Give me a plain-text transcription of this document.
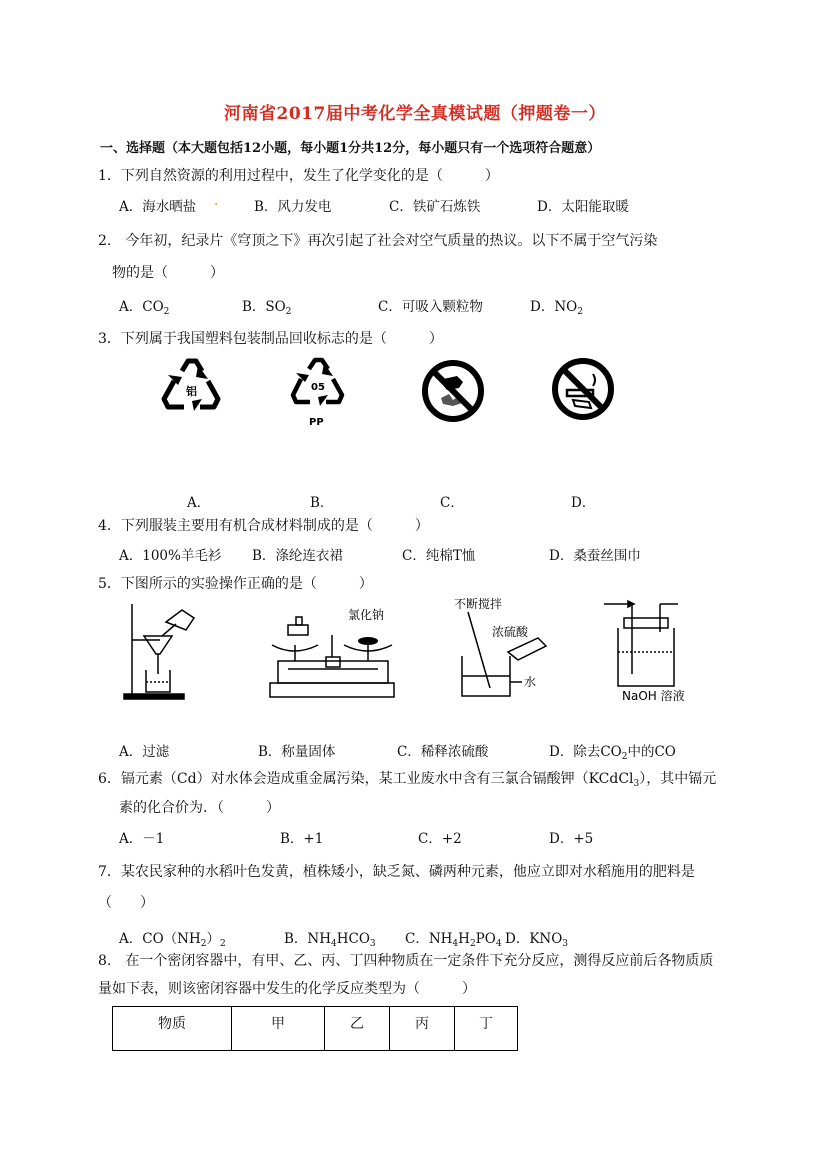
河南省2017届中考化学全真模试题（押题卷一）
一、选择题（本大题包括12小题，每小题1分共12分，每小题只有一个选项符合题意）
1．下列自然资源的利用过程中，发生了化学变化的是（　　　）
A．海水晒盐 .	B．风力发电	C．铁矿石炼铁	D．太阳能取暖
2.　今年初，纪录片《穹顶之下》再次引起了社会对空气质量的热议。以下不属于空气污染
物的是（　　　）
A．$CO_2$	B．$SO_2$	C．可吸入颗粒物	D．$NO_2$
3．下列属于我国塑料包装制品回收标志的是（　　　）
铝	05
PP
A．	B．	C．	D．
4．下列服装主要用有机合成材料制成的是（　　　）
A．100%羊毛衫 B．涤纶连衣裙	C．纯棉T恤	D．桑蚕丝围巾
5．下图所示的实验操作正确的是（　　　）
氯化钠
不断搅拌
浓硫酸
水
NaOH 溶液
A．过滤	B．称量固体	C．稀释浓硫酸	D．除去$CO_2$中的CO
6．镉元素（Cd）对水体会造成重金属污染，某工业废水中含有三氯合镉酸钾（KCdCl$_3$），其中镉元
素的化合价为．（　　　）
A．－1	B．+1	C．+2	D．+5
7．某农民家种的水稻叶色发黄，植株矮小，缺乏氮、磷两种元素，他应立即对水稻施用的肥料是
（　　）
A．$CO(NH_2)_2$	B．$NH_4HCO_3$ C．$NH_4H_2PO_4$ D．$KNO_3$
8.　在一个密闭容器中，有甲、乙、丙、丁四种物质在一定条件下充分反应，测得反应前后各物质质
量如下表，则该密闭容器中发生的化学反应类型为（　　　）
物质	甲	乙	丙	丁
